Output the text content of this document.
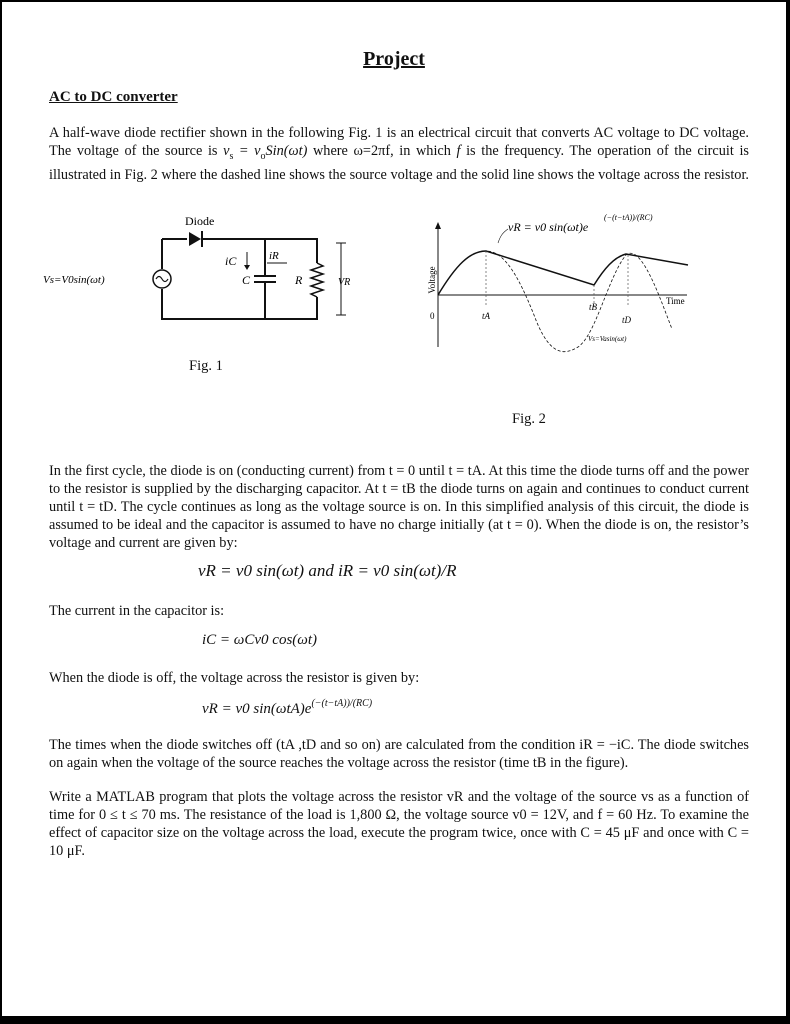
Project
AC to DC converter
A half-wave diode rectifier shown in the following Fig. 1 is an electrical circuit that converts AC voltage to DC voltage. The voltage of the source is $v_s = v_oSin(\omega t)$ where ω=2πf, in which f is the frequency. The operation of the circuit is illustrated in Fig. 2 where the dashed line shows the source voltage and the solid line shows the voltage across the resistor.
Diode
Vs=V0sin(ωt)	C
iC	iR
R	VR
Fig. 1
Voltage
Time
0	tA
tB
tD
Vs=Vasin(ωt)
vR = v0 sin(ωt)e
(−(t−tA))/(RC)
Fig. 2
In the first cycle, the diode is on (conducting current) from t = 0 until t = tA. At this time the diode turns off and the power to the resistor is supplied by the discharging capacitor. At t = tB the diode turns on again and continues to conduct current until t = tD. The cycle continues as long as the voltage source is on. In this simplified analysis of this circuit, the diode is assumed to be ideal and the capacitor is assumed to have no charge initially (at t = 0). When the diode is on, the resistor’s voltage and current are given by:
vR = v0 sin(ωt) and iR = v0 sin(ωt)/R
The current in the capacitor is:
iC = ωCv0 cos(ωt)
When the diode is off, the voltage across the resistor is given by:
vR = v0 $\sin(\omega tA)e^{(-(t-tA))/(RC)}$
The times when the diode switches off (tA ,tD and so on) are calculated from the condition iR = −iC. The diode switches on again when the voltage of the source reaches the voltage across the resistor (time tB in the figure).
Write a MATLAB program that plots the voltage across the resistor vR and the voltage of the source vs as a function of time for 0 ≤ t ≤ 70 ms. The resistance of the load is 1,800 Ω, the voltage source v0 = 12V, and f = 60 Hz. To examine the effect of capacitor size on the voltage across the load, execute the program twice, once with C = 45 μF and once with C = 10 μF.
